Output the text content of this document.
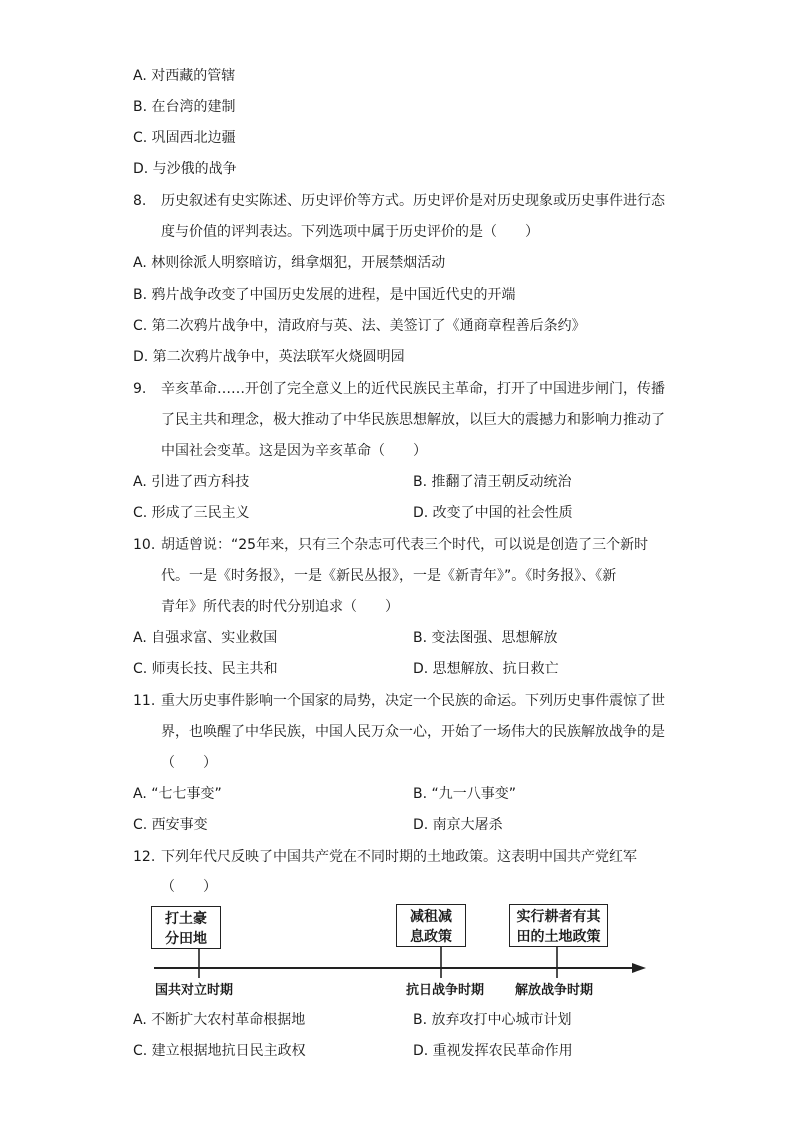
A. 对西藏的管辖
B. 在台湾的建制
C. 巩固西北边疆
D. 与沙俄的战争
8. 历史叙述有史实陈述、历史评价等方式。历史评价是对历史现象或历史事件进行态
度与价值的评判表达。下列选项中属于历史评价的是（　　）
A. 林则徐派人明察暗访，缉拿烟犯，开展禁烟活动
B. 鸦片战争改变了中国历史发展的进程，是中国近代史的开端
C. 第二次鸦片战争中，清政府与英、法、美签订了《通商章程善后条约》
D. 第二次鸦片战争中，英法联军火烧圆明园
9. 辛亥革命……开创了完全意义上的近代民族民主革命，打开了中国进步闸门，传播
了民主共和理念，极大推动了中华民族思想解放，以巨大的震撼力和影响力推动了
中国社会变革。这是因为辛亥革命（　　）
A. 引进了西方科技	B. 推翻了清王朝反动统治
C. 形成了三民主义	D. 改变了中国的社会性质
10. 胡适曾说：“25年来，只有三个杂志可代表三个时代，可以说是创造了三个新时
代。一是《时务报》，一是《新民丛报》，一是《新青年》”。《时务报》、《新
青年》所代表的时代分别追求（　　）
A. 自强求富、实业救国	B. 变法图强、思想解放
C. 师夷长技、民主共和	D. 思想解放、抗日救亡
11. 重大历史事件影响一个国家的局势，决定一个民族的命运。下列历史事件震惊了世
界，也唤醒了中华民族，中国人民万众一心，开始了一场伟大的民族解放战争的是
（　　）
A. “七七事变”	B. “九一八事变”
C. 西安事变	D. 南京大屠杀
12. 下列年代尺反映了中国共产党在不同时期的土地政策。这表明中国共产党红军
（　　）
打土豪
分田地
减租减
息政策
实行耕者有其
田的土地政策
国共对立时期	抗日战争时期 解放战争时期
A. 不断扩大农村革命根据地	B. 放弃攻打中心城市计划
C. 建立根据地抗日民主政权	D. 重视发挥农民革命作用
